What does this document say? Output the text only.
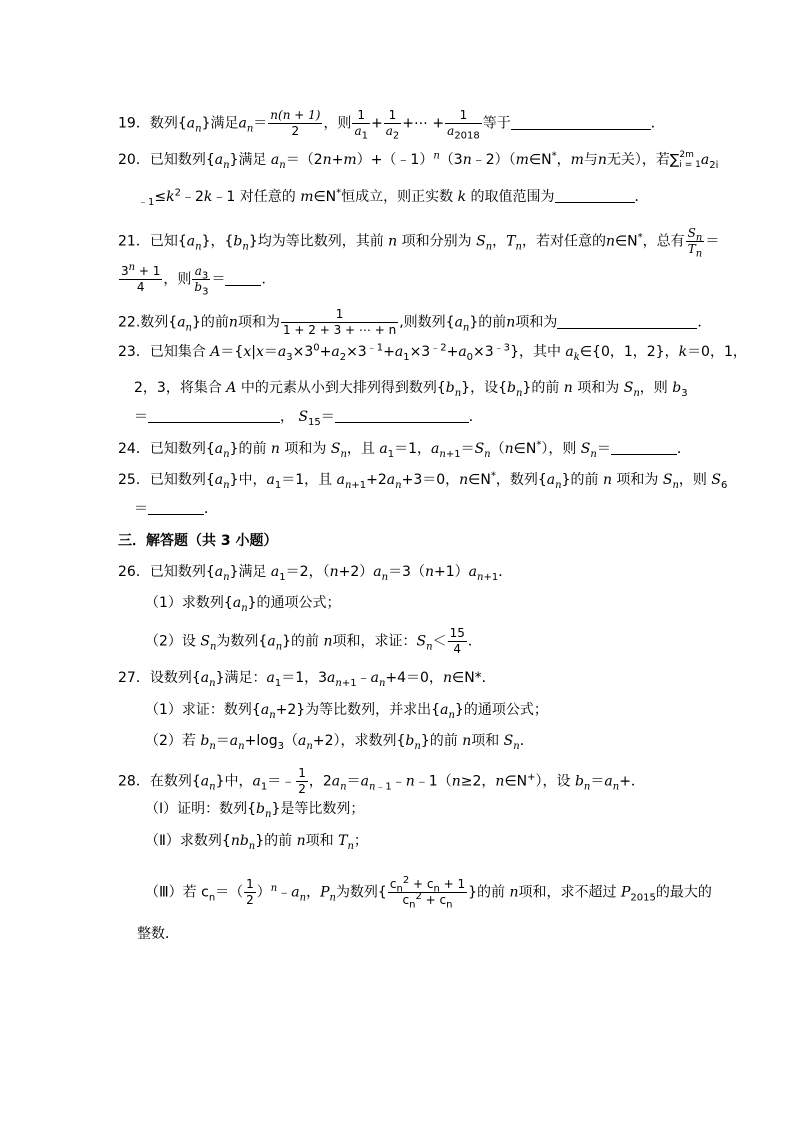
19．数列$\{a_n\}$满足$a_n= \frac{n(n + 1)}{2}$ ，则 $\frac{1}{a_1} + \frac{1}{a_2}$ +⋯ + $\frac{1}{a_{2018}}$ 等于	．
20．已知数列$\{a_n\}$满足 $a_n=(2n+m)+(﹣1)^n(3n﹣2)(m\in N^*$，m与n无关），若∑ 2m
i = 1 $a_{2i}$
$_{﹣1}\le k^2﹣2k﹣1$ 对任意的 m∈N*恒成立，则正实数 k 的取值范围为	．
21．已知$\{a_n\}$，$\{b_n\}$均为等比数列，其前 n 项和分别为 $S_n$，$T_n$，若对任意的n∈N*，总有 $\frac{S_n}{T_n}$ ＝
$\frac{3^n + 1}{4}$ ，则 $\frac{a_3}{b_3}$ ＝	．
22.数列$\{a_n\}$的前n项和为 $\frac{1}{1 + 2 + 3 + \cdots + n}$ ,则数列$\{a_n\}$的前n项和为	．
23．已知集合 $A=\{x|x=a_3\times 3^0+a_2\times 3^{﹣1}+a_1\times 3^{﹣2}+a_0\times 3^{﹣3}\}$，其中 $a_k\in\{0$，1，2}，k＝0，1，
2，3，将集合 A 中的元素从小到大排列得到数列$\{b_n\}$，设$\{b_n\}$的前 n 项和为 $S_n$，则 $b_3$
＝	， $S_{15}=$	．
24．已知数列$\{a_n\}$的前 n 项和为 $S_n$，且 $a_1=1$，$a_{n+1}=S_n(n\in N^*)$，则 $S_n=$	．
25．已知数列$\{a_n\}$中，$a_1=1$，且 $a_{n+1}+2a_n+3=0$，n∈N*，数列$\{a_n\}$的前 n 项和为 $S_n$，则 $S_6$
＝	．
三．解答题（共 3 小题）
26．已知数列$\{a_n\}$满足 $a_1=2$，$(n+2)a_n=3(n+1)a_{n+1}$．
（1）求数列$\{a_n\}$的通项公式；
（2）设 $S_n$为数列$\{a_n\}$的前 n项和，求证：$S_n< \frac{15}{4}$ ．
27．设数列$\{a_n\}$满足：$a_1=1$，$3a_{n+1}﹣a_n+4=0$，n∈N*．
（1）求证：数列$\{a_n+2\}$为等比数列，并求出$\{a_n\}$的通项公式；
（2）若 $b_n=a_n+\log_3(a_n+2)$，求数列$\{b_n\}$的前 n项和 $S_n$．
28．在数列$\{a_n\}$中，$a_1=﹣ \frac{1}{2}$ ，$2a_n=a_{n﹣1}﹣n﹣1(n\ge 2$，n∈N+），设 $b_n=a_n+$．
（Ⅰ）证明：数列$\{b_n\}$是等比数列；
（Ⅱ）求数列$\{nb_n\}$的前 n项和 $T_n$；
（Ⅲ）若 $c_n=( \frac{1}{2}$ ）$^n﹣a_n$，$P_n$为数列{ $\frac{c_n^2 + c_n + 1}{c_n^2 + c_n}$ }的前 n项和，求不超过 $P_{2015}$的最大的
整数．
